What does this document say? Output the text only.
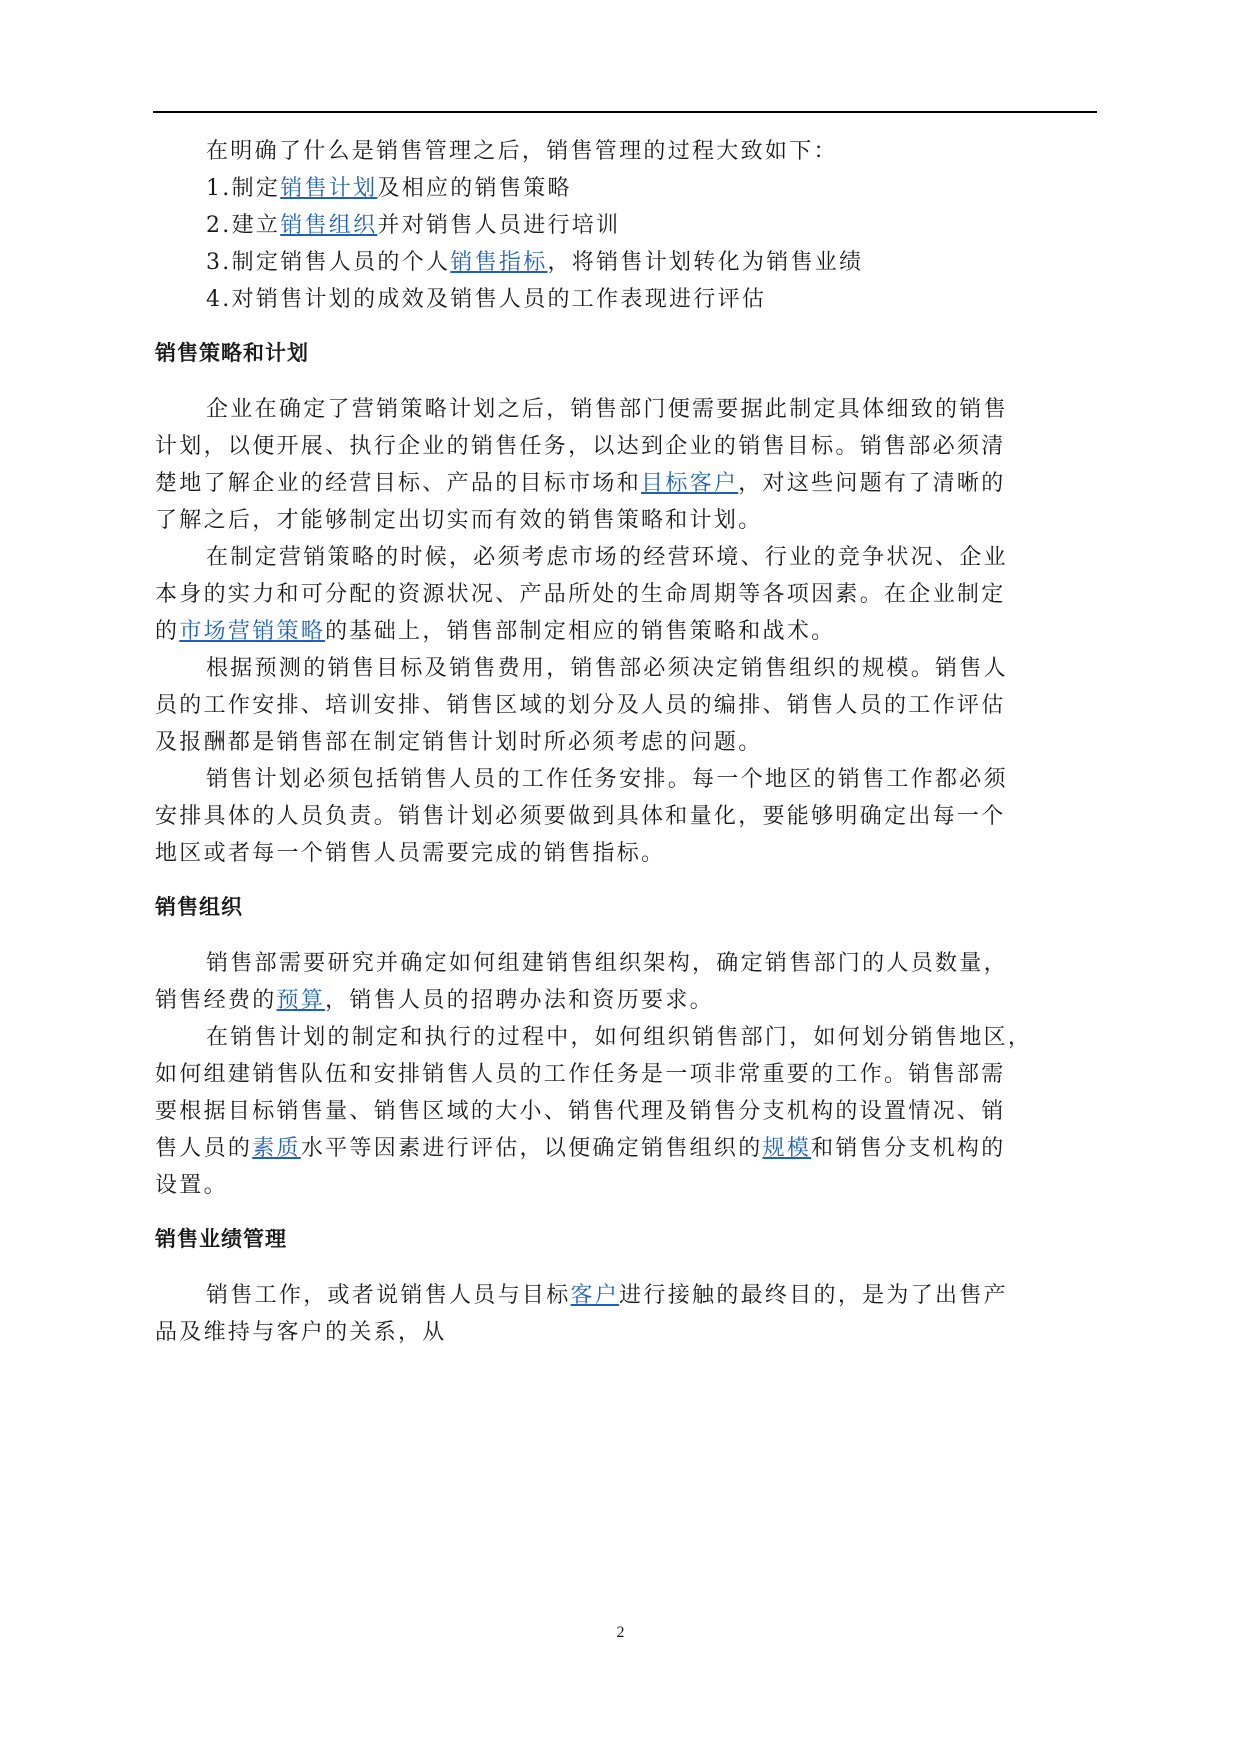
在明确了什么是销售管理之后，销售管理的过程大致如下：
1.制定销售计划及相应的销售策略
2.建立销售组织并对销售人员进行培训
3.制定销售人员的个人销售指标，将销售计划转化为销售业绩
4.对销售计划的成效及销售人员的工作表现进行评估
销售策略和计划
企业在确定了营销策略计划之后，销售部门便需要据此制定具体细致的销售
计划，以便开展、执行企业的销售任务，以达到企业的销售目标。销售部必须清
楚地了解企业的经营目标、产品的目标市场和目标客户，对这些问题有了清晰的
了解之后，才能够制定出切实而有效的销售策略和计划。
在制定营销策略的时候，必须考虑市场的经营环境、行业的竞争状况、企业
本身的实力和可分配的资源状况、产品所处的生命周期等各项因素。在企业制定
的市场营销策略的基础上，销售部制定相应的销售策略和战术。
根据预测的销售目标及销售费用，销售部必须决定销售组织的规模。销售人
员的工作安排、培训安排、销售区域的划分及人员的编排、销售人员的工作评估
及报酬都是销售部在制定销售计划时所必须考虑的问题。
销售计划必须包括销售人员的工作任务安排。每一个地区的销售工作都必须
安排具体的人员负责。销售计划必须要做到具体和量化，要能够明确定出每一个
地区或者每一个销售人员需要完成的销售指标。
销售组织
销售部需要研究并确定如何组建销售组织架构，确定销售部门的人员数量，
销售经费的预算，销售人员的招聘办法和资历要求。
在销售计划的制定和执行的过程中，如何组织销售部门，如何划分销售地区，
如何组建销售队伍和安排销售人员的工作任务是一项非常重要的工作。销售部需
要根据目标销售量、销售区域的大小、销售代理及销售分支机构的设置情况、销
售人员的素质水平等因素进行评估，以便确定销售组织的规模和销售分支机构的
设置。
销售业绩管理
销售工作，或者说销售人员与目标客户进行接触的最终目的，是为了出售产
品及维持与客户的关系，从
2
